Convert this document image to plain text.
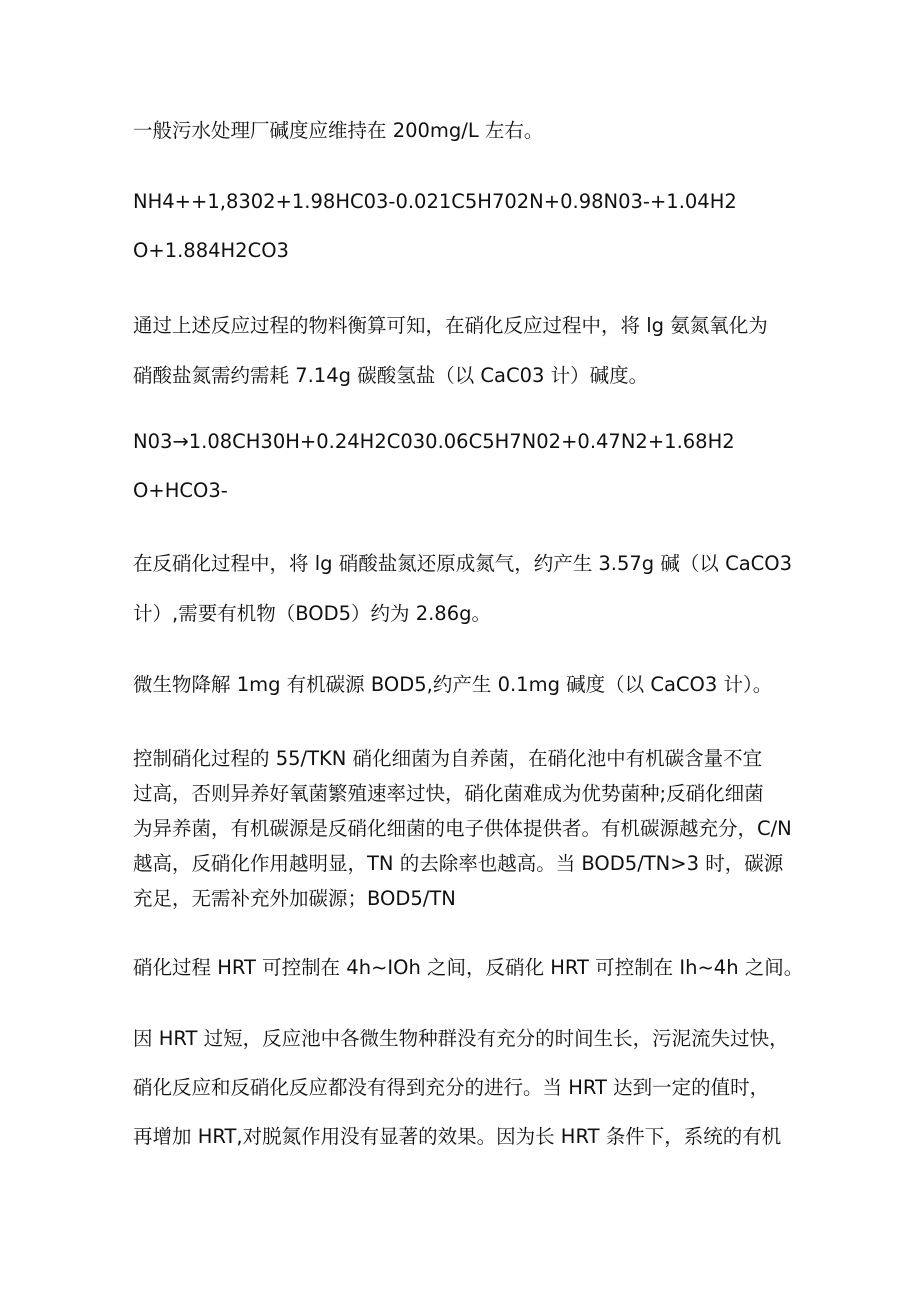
一般污水处理厂碱度应维持在 200mg/L 左右。
NH4++1,8302+1.98HC03-0.021C5H702N+0.98N03-+1.04H2
O+1.884H2CO3
通过上述反应过程的物料衡算可知，在硝化反应过程中，将 lg 氨氮氧化为
硝酸盐氮需约需耗 7.14g 碳酸氢盐（以 CaC03 计）碱度。
N03→1.08CH30H+0.24H2C030.06C5H7N02+0.47N2+1.68H2
O+HCO3-
在反硝化过程中，将 lg 硝酸盐氮还原成氮气，约产生 3.57g 碱（以 CaCO3
计）,需要有机物（BOD5）约为 2.86g。
微生物降解 1mg 有机碳源 BOD5,约产生 0.1mg 碱度（以 CaCO3 计）。
控制硝化过程的 55/TKN 硝化细菌为自养菌，在硝化池中有机碳含量不宜
过高，否则异养好氧菌繁殖速率过快，硝化菌难成为优势菌种;反硝化细菌
为异养菌，有机碳源是反硝化细菌的电子供体提供者。有机碳源越充分，C/N
越高，反硝化作用越明显，TN 的去除率也越高。当 BOD5/TN>3 时，碳源
充足，无需补充外加碳源；BOD5/TN
硝化过程 HRT 可控制在 4h~IOh 之间，反硝化 HRT 可控制在 Ih~4h 之间。
因 HRT 过短，反应池中各微生物种群没有充分的时间生长，污泥流失过快，
硝化反应和反硝化反应都没有得到充分的进行。当 HRT 达到一定的值时，
再增加 HRT,对脱氮作用没有显著的效果。因为长 HRT 条件下，系统的有机
